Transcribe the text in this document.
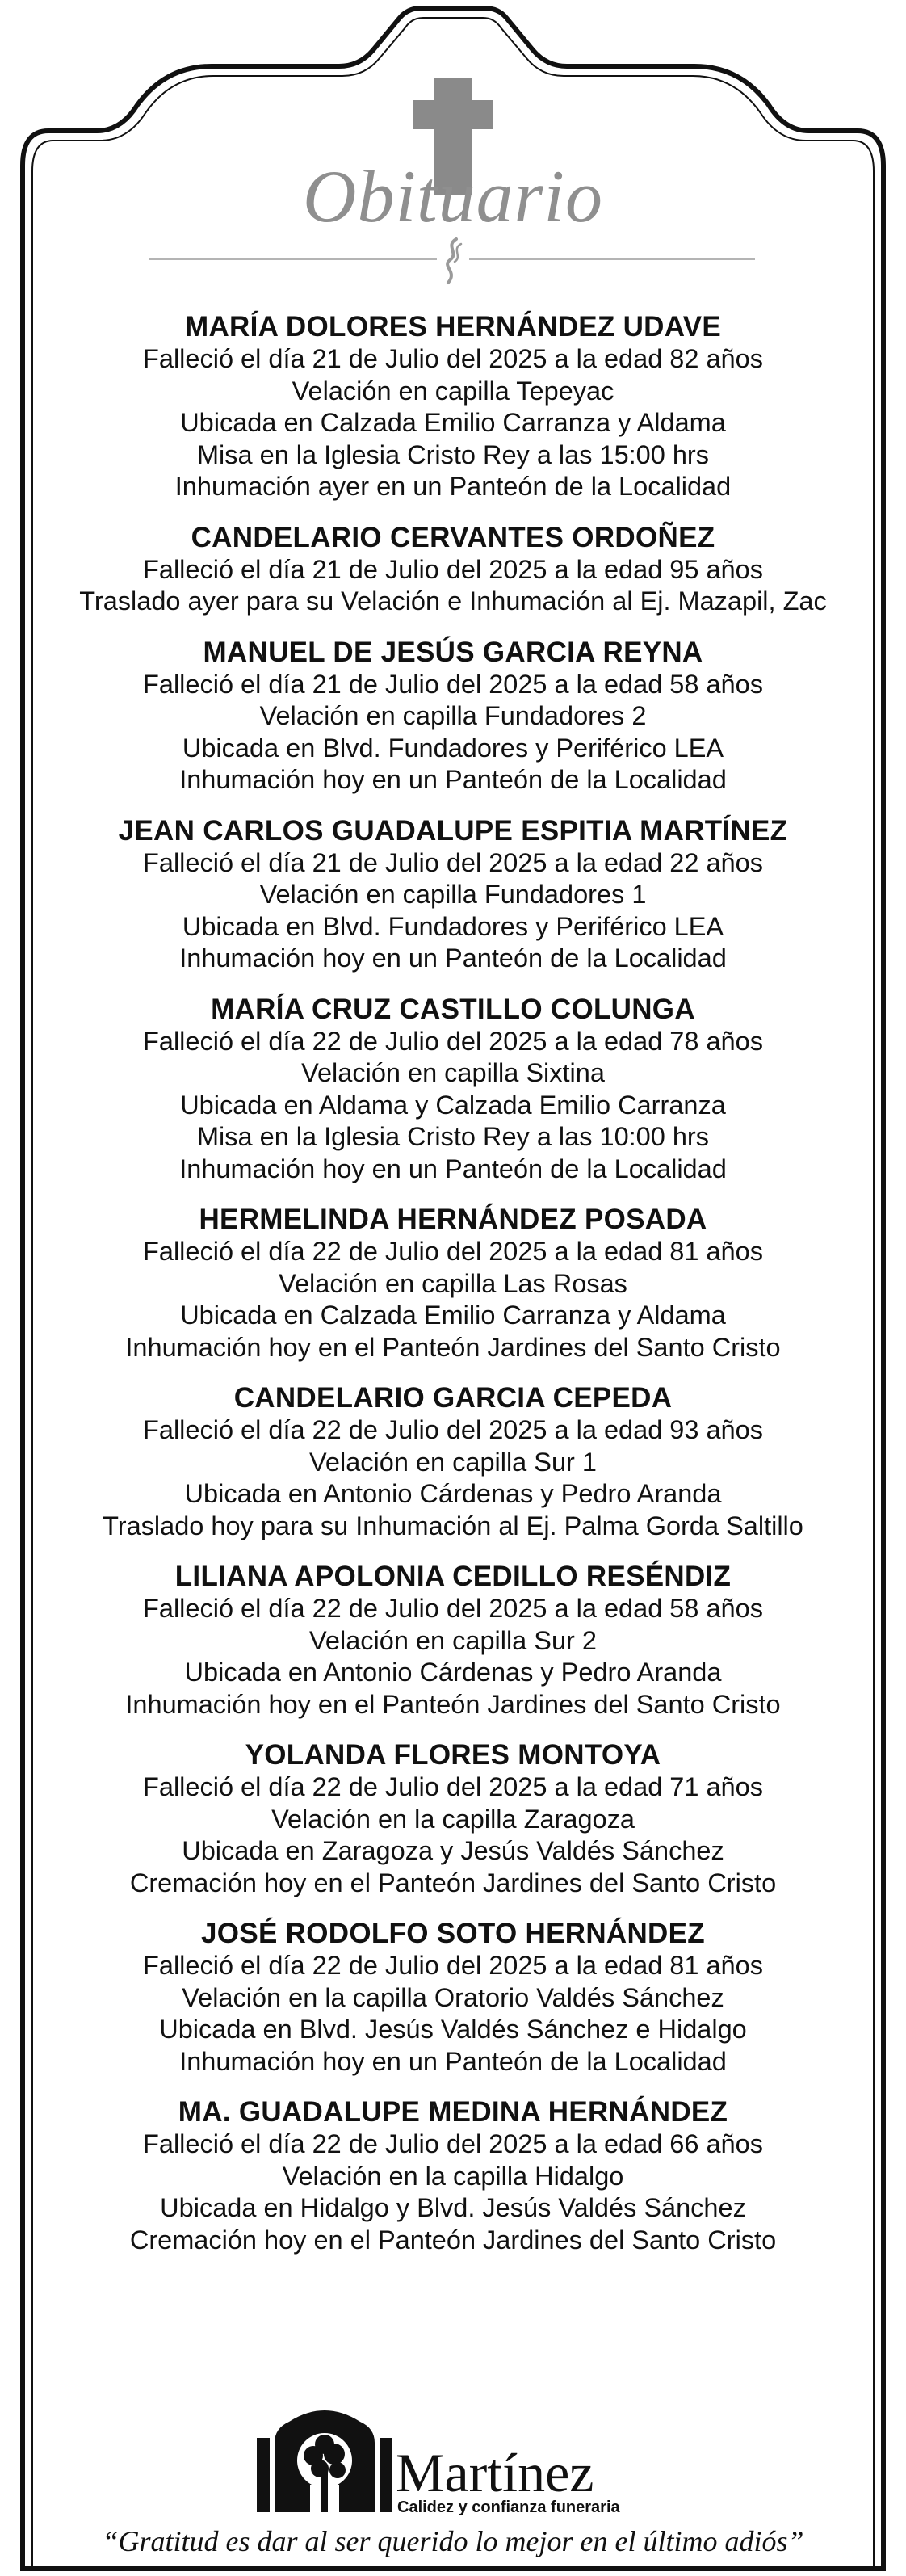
Obituario

MARÍA DOLORES HERNÁNDEZ UDAVE

Falleció el día 21 de Julio del 2025 a la edad 82 años

Velación en capilla Tepeyac

Ubicada en Calzada Emilio Carranza y Aldama

Misa en la Iglesia Cristo Rey a las 15:00 hrs

Inhumación ayer en un Panteón de la Localidad

CANDELARIO CERVANTES ORDOÑEZ

Falleció el día 21 de Julio del 2025 a la edad 95 años

Traslado ayer para su Velación e Inhumación al Ej. Mazapil, Zac

MANUEL DE JESÚS GARCIA REYNA

Falleció el día 21 de Julio del 2025 a la edad 58 años

Velación en capilla Fundadores 2

Ubicada en Blvd. Fundadores y Periférico LEA

Inhumación hoy en un Panteón de la Localidad

JEAN CARLOS GUADALUPE ESPITIA MARTÍNEZ

Falleció el día 21 de Julio del 2025 a la edad 22 años

Velación en capilla Fundadores 1

Ubicada en Blvd. Fundadores y Periférico LEA

Inhumación hoy en un Panteón de la Localidad

MARÍA CRUZ CASTILLO COLUNGA

Falleció el día 22 de Julio del 2025 a la edad 78 años

Velación en capilla Sixtina

Ubicada en Aldama y Calzada Emilio Carranza

Misa en la Iglesia Cristo Rey a las 10:00 hrs

Inhumación hoy en un Panteón de la Localidad

HERMELINDA HERNÁNDEZ POSADA

Falleció el día 22 de Julio del 2025 a la edad 81 años

Velación en capilla Las Rosas

Ubicada en Calzada Emilio Carranza y Aldama

Inhumación hoy en el Panteón Jardines del Santo Cristo

CANDELARIO GARCIA CEPEDA

Falleció el día 22 de Julio del 2025 a la edad 93 años

Velación en capilla Sur 1

Ubicada en Antonio Cárdenas y Pedro Aranda

Traslado hoy para su Inhumación al Ej. Palma Gorda Saltillo

LILIANA APOLONIA CEDILLO RESÉNDIZ

Falleció el día 22 de Julio del 2025 a la edad 58 años

Velación en capilla Sur 2

Ubicada en Antonio Cárdenas y Pedro Aranda

Inhumación hoy en el Panteón Jardines del Santo Cristo

YOLANDA FLORES MONTOYA

Falleció el día 22 de Julio del 2025 a la edad 71 años

Velación en la capilla Zaragoza

Ubicada en Zaragoza y Jesús Valdés Sánchez

Cremación hoy en el Panteón Jardines del Santo Cristo

JOSÉ RODOLFO SOTO HERNÁNDEZ

Falleció el día 22 de Julio del 2025 a la edad 81 años

Velación en la capilla Oratorio Valdés Sánchez

Ubicada en Blvd. Jesús Valdés Sánchez e Hidalgo

Inhumación hoy en un Panteón de la Localidad

MA. GUADALUPE MEDINA HERNÁNDEZ

Falleció el día 22 de Julio del 2025 a la edad 66 años

Velación en la capilla Hidalgo

Ubicada en Hidalgo y Blvd. Jesús Valdés Sánchez

Cremación hoy en el Panteón Jardines del Santo Cristo

Martínez

Calidez y confianza funeraria

“Gratitud es dar al ser querido lo mejor en el último adiós”
